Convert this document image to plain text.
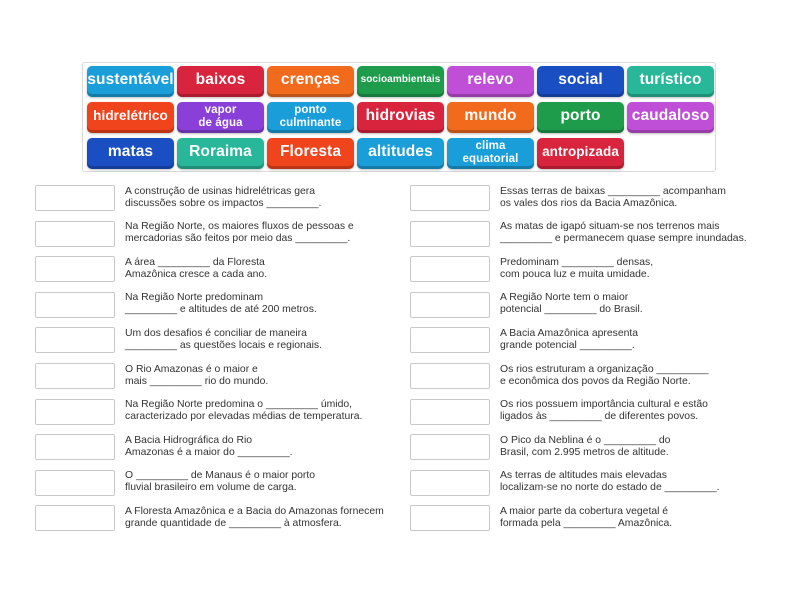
sustentável	baixos	crenças	socioambientais	relevo	social	turístico
hidrelétrico	vapor
de água
ponto
culminante	hidrovias	mundo	porto	caudaloso
matas	Roraima	Floresta	altitudes	clima
equatorial	antropizada
A construção de usinas hidrelétricas gera
discussões sobre os impactos _________.
Na Região Norte, os maiores fluxos de pessoas e
mercadorias são feitos por meio das _________.
A área _________ da Floresta
Amazônica cresce a cada ano.
Na Região Norte predominam
_________ e altitudes de até 200 metros.
Um dos desafios é conciliar de maneira
_________ as questões locais e regionais.
O Rio Amazonas é o maior e
mais _________ rio do mundo.
Na Região Norte predomina o _________ úmido,
caracterizado por elevadas médias de temperatura.
A Bacia Hidrográfica do Rio
Amazonas é a maior do _________.
O _________ de Manaus é o maior porto
fluvial brasileiro em volume de carga.
A Floresta Amazônica e a Bacia do Amazonas fornecem
grande quantidade de _________ à atmosfera.
Essas terras de baixas _________ acompanham
os vales dos rios da Bacia Amazônica.
As matas de igapó situam-se nos terrenos mais
_________ e permanecem quase sempre inundadas.
Predominam _________ densas,
com pouca luz e muita umidade.
A Região Norte tem o maior
potencial _________ do Brasil.
A Bacia Amazônica apresenta
grande potencial _________.
Os rios estruturam a organização _________
e econômica dos povos da Região Norte.
Os rios possuem importância cultural e estão
ligados às _________ de diferentes povos.
O Pico da Neblina é o _________ do
Brasil, com 2.995 metros de altitude.
As terras de altitudes mais elevadas
localizam-se no norte do estado de _________.
A maior parte da cobertura vegetal é
formada pela _________ Amazônica.
